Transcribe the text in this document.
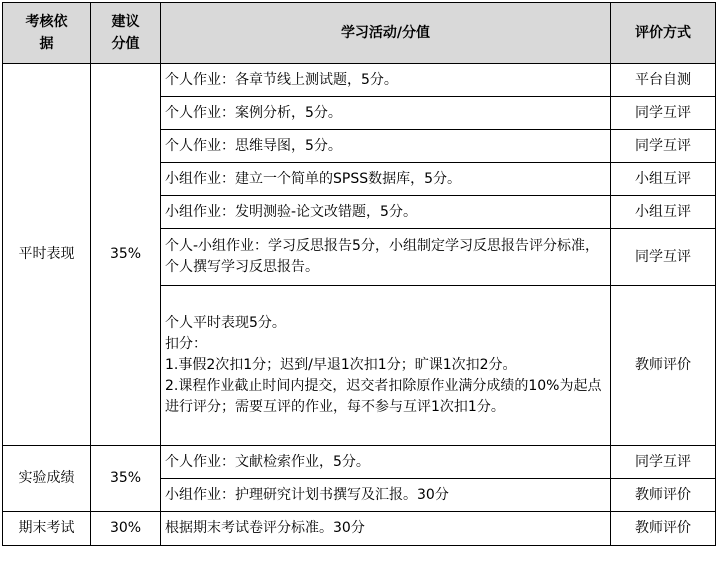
考核依据	建议分值	学习活动/分值	评价方式
平时表现	35%	个人作业：各章节线上测试题，5分。	平台自测
		个人作业：案例分析，5分。	同学互评
		个人作业：思维导图，5分。	同学互评
		小组作业：建立一个简单的SPSS数据库，5分。	小组互评
		小组作业：发明测验-论文改错题，5分。	小组互评
		个人-小组作业：学习反思报告5分，小组制定学习反思报告评分标准，个人撰写学习反思报告。	同学互评

		个人平时表现5分。
扣分：
1.事假2次扣1分；迟到/早退1次扣1分；旷课1次扣2分。
2.课程作业截止时间内提交，迟交者扣除原作业满分成绩的10%为起点进行评分；需要互评的作业，每不参与互评1次扣1分。	教师评价
实验成绩	35%	个人作业：文献检索作业，5分。	同学互评
		小组作业：护理研究计划书撰写及汇报。30分	教师评价
期末考试	30%	根据期末考试卷评分标准。30分	教师评价
